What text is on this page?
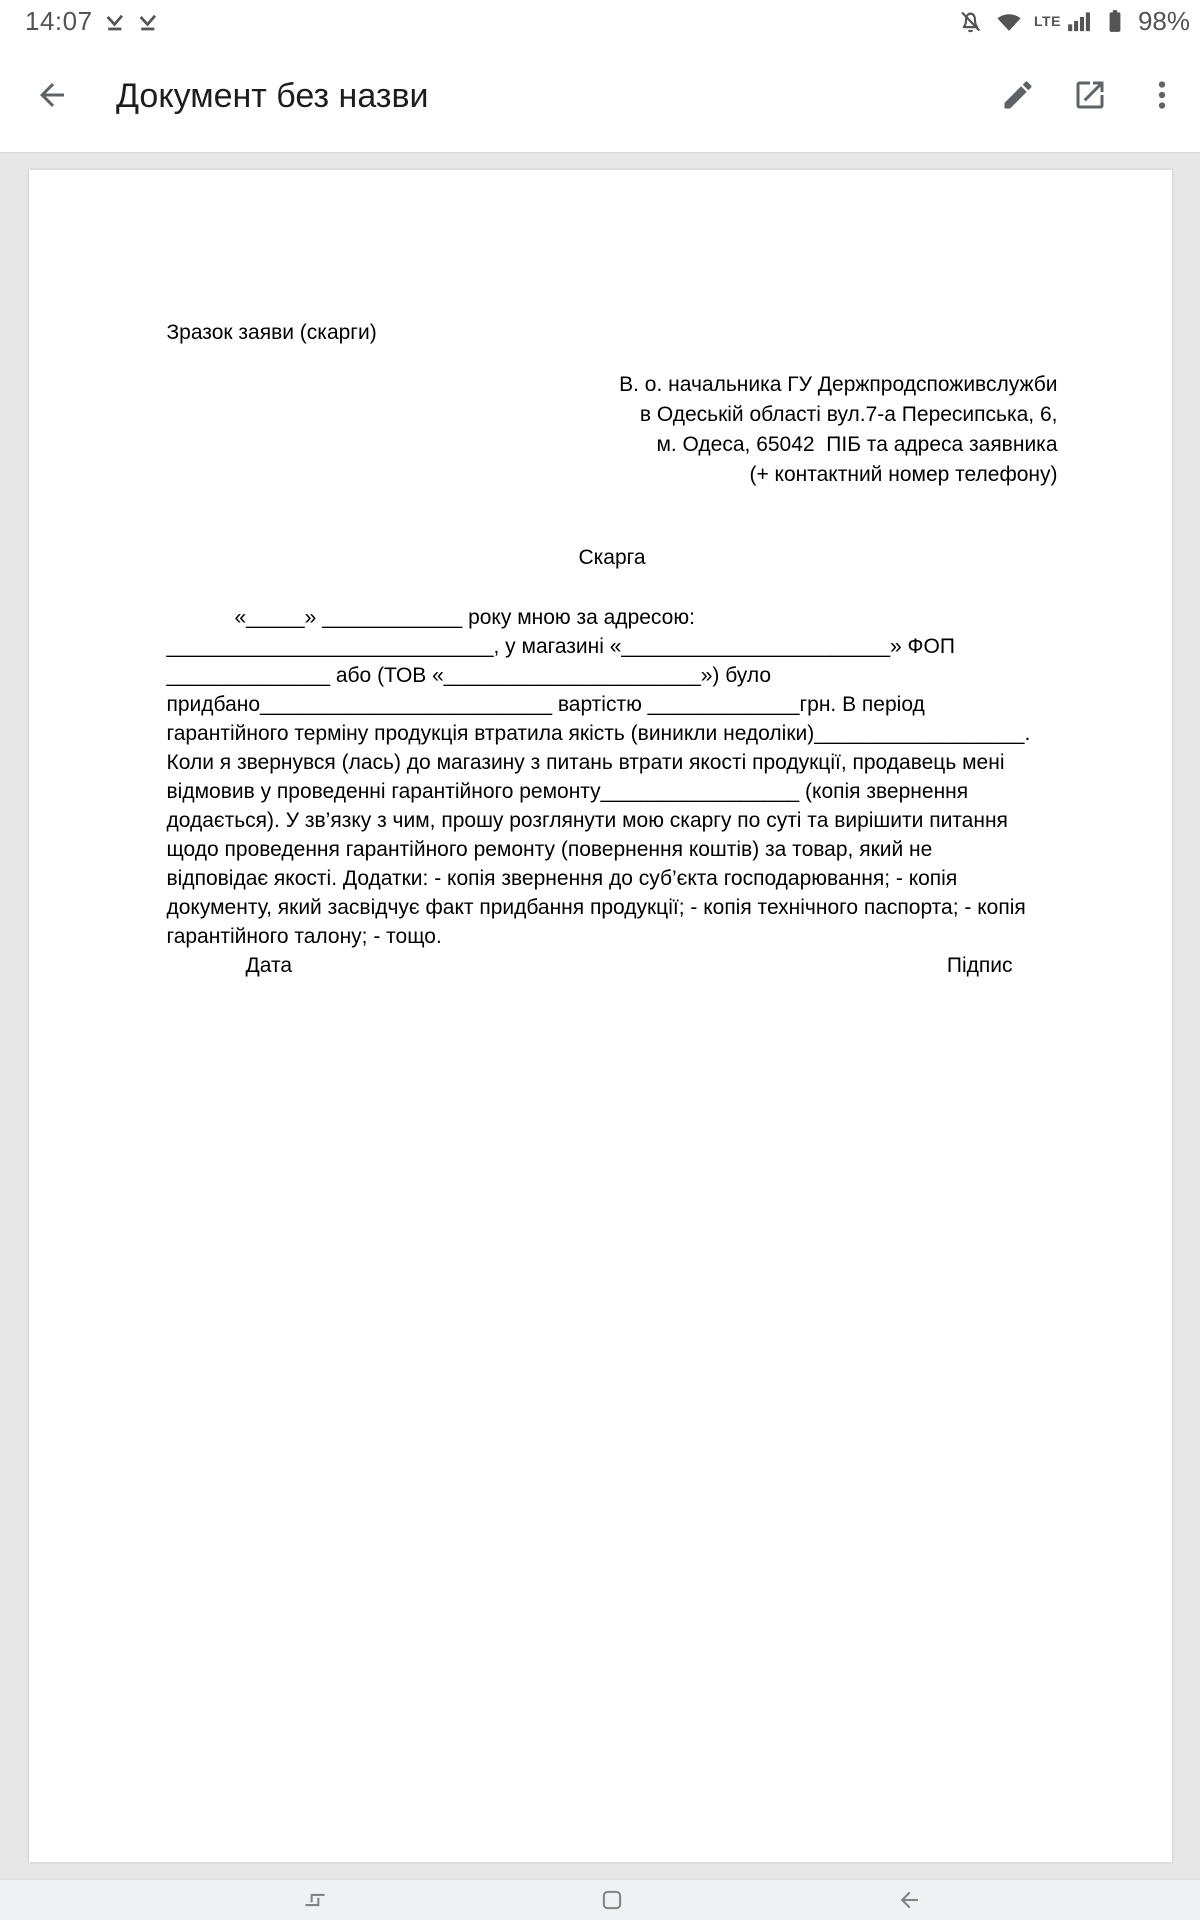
14:07	LTE	98%
Документ без назви
Зразок заяви (скарги)
В. о. начальника ГУ Держпродспоживслужби
в Одеській області вул.7-а Пересипська, 6,
м. Одеса, 65042  ПІБ та адреса заявника
(+ контактний номер телефону)
Скарга
«_____» ____________ року мною за адресою:
____________________________, у магазині «_______________________» ФОП
______________ або (ТОВ «______________________») було
придбано_________________________ вартістю _____________грн. В період
гарантійного терміну продукція втратила якість (виникли недоліки)__________________.
Коли я звернувся (лась) до магазину з питань втрати якості продукції, продавець мені
відмовив у проведенні гарантійного ремонту_________________ (копія звернення
додається). У зв’язку з чим, прошу розглянути мою скаргу по суті та вирішити питання
щодо проведення гарантійного ремонту (повернення коштів) за товар, який не
відповідає якості. Додатки: - копія звернення до суб’єкта господарювання; - копія
документу, який засвідчує факт придбання продукції; - копія технічного паспорта; - копія
гарантійного талону; - тощо.
Дата	Підпис
